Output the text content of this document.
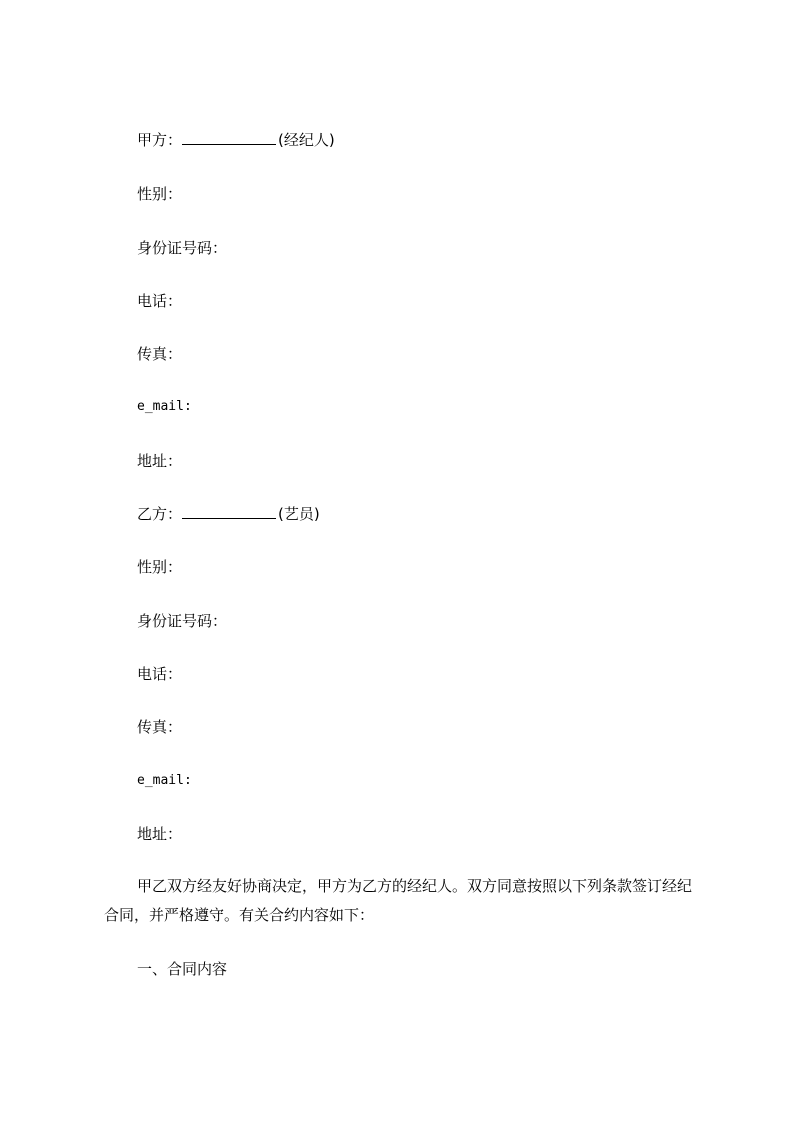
甲方：	(经纪人)
性别：
身份证号码：
电话：
传真：
e_mail:
地址：
乙方：	(艺员)
性别：
身份证号码：
电话：
传真：
e_mail:
地址：
甲乙双方经友好协商决定，甲方为乙方的经纪人。双方同意按照以下列条款签订经纪合同，并严格遵守。有关合约内容如下：
一、合同内容
